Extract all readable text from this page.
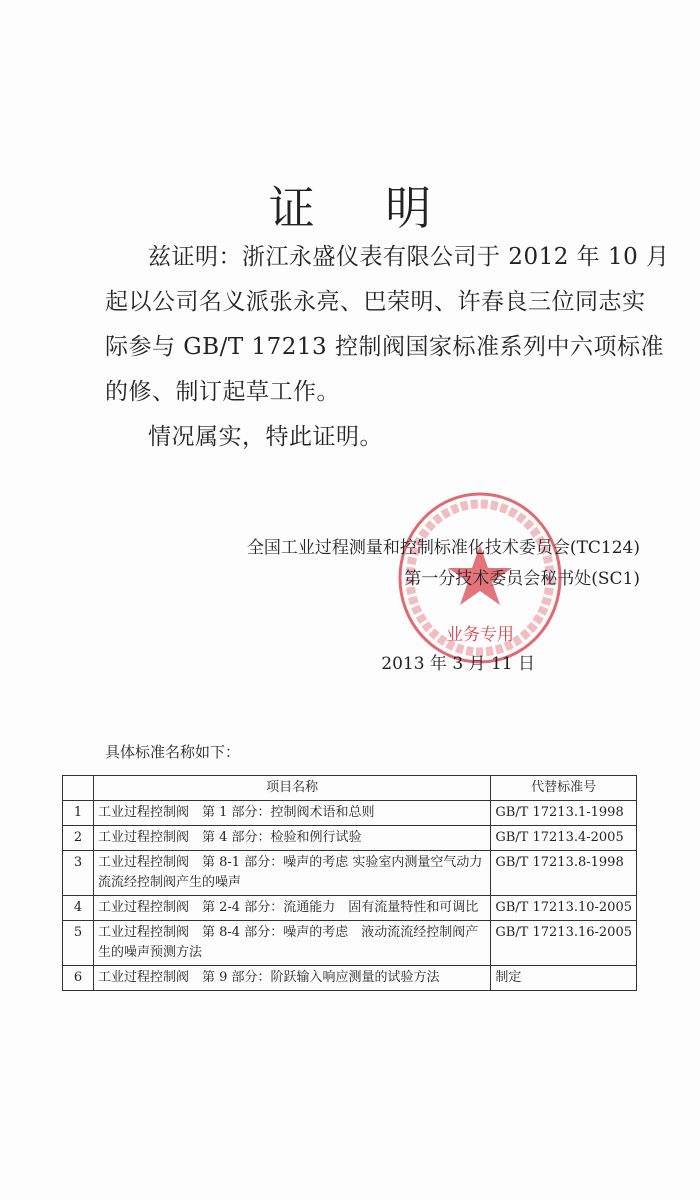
证 明
兹证明：浙江永盛仪表有限公司于 2012 年 10 月
起以公司名义派张永亮、巴荣明、许春良三位同志实
际参与 GB/T 17213 控制阀国家标准系列中六项标准
的修、制订起草工作。
情况属实，特此证明。
业务专用
全国工业过程测量和控制标准化技术委员会(TC124)
第一分技术委员会秘书处(SC1)
2013 年 3 月 11 日
具体标准名称如下：
	项目名称	代替标准号
1	工业过程控制阀　第 1 部分：控制阀术语和总则	GB/T 17213.1-1998
2	工业过程控制阀　第 4 部分：检验和例行试验	GB/T 17213.4-2005
3	工业过程控制阀　第 8-1 部分：噪声的考虑 实验室内测量空气动力流流经控制阀产生的噪声	GB/T 17213.8-1998
4	工业过程控制阀　第 2-4 部分：流通能力　固有流量特性和可调比	GB/T 17213.10-2005
5	工业过程控制阀　第 8-4 部分：噪声的考虑　液动流流经控制阀产生的噪声预测方法	GB/T 17213.16-2005
6	工业过程控制阀　第 9 部分：阶跃输入响应测量的试验方法	制定
